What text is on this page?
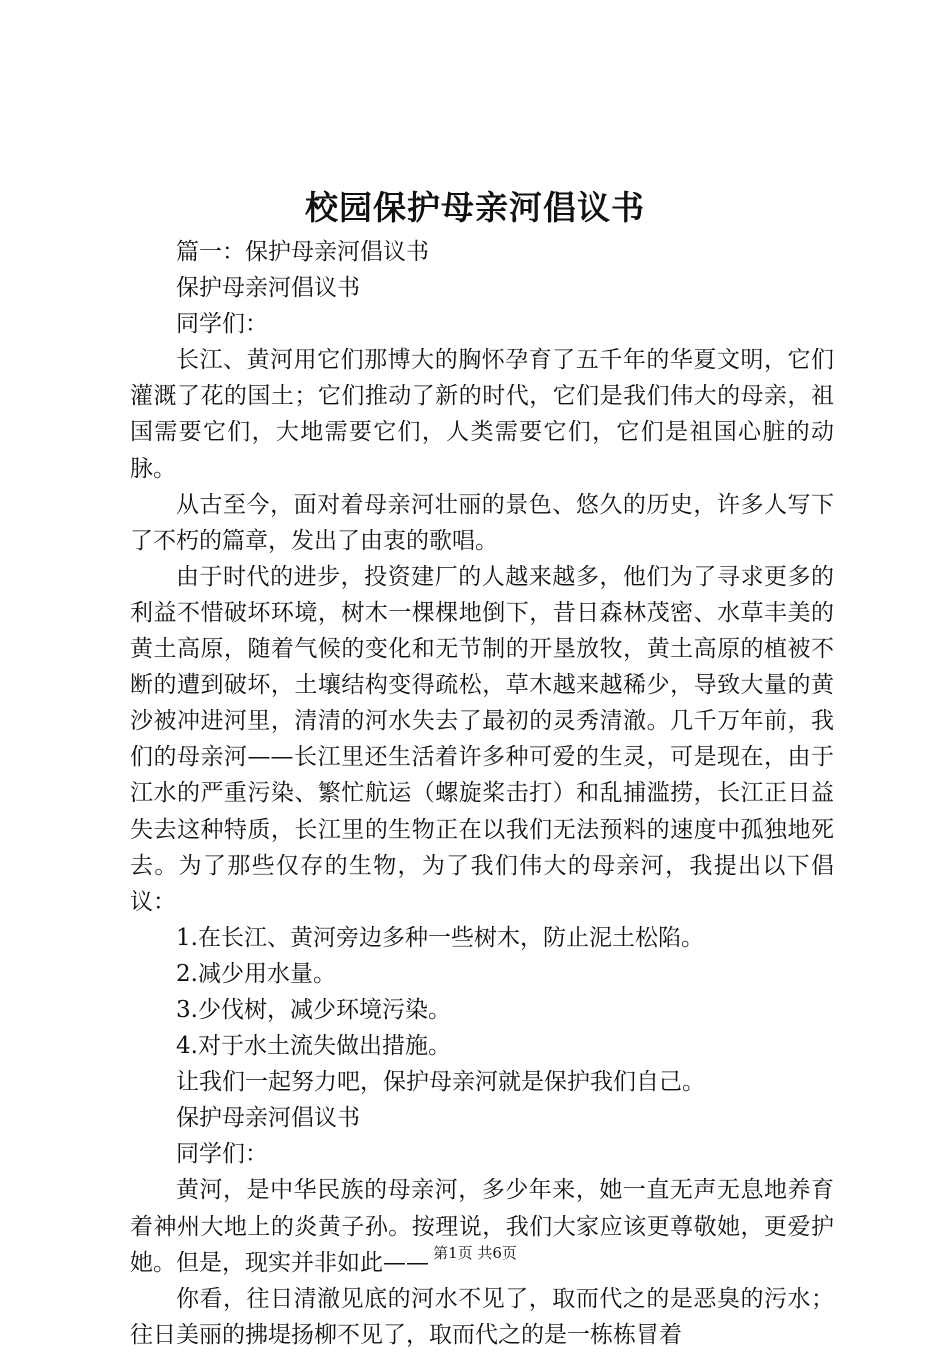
校园保护母亲河倡议书

篇一：保护母亲河倡议书

保护母亲河倡议书

同学们：

长江、黄河用它们那博大的胸怀孕育了五千年的华夏文明，它们灌溉了花的国土；它们推动了新的时代，它们是我们伟大的母亲，祖国需要它们，大地需要它们，人类需要它们，它们是祖国心脏的动脉。

从古至今，面对着母亲河壮丽的景色、悠久的历史，许多人写下了不朽的篇章，发出了由衷的歌唱。

由于时代的进步，投资建厂的人越来越多，他们为了寻求更多的利益不惜破坏环境，树木一棵棵地倒下，昔日森林茂密、水草丰美的黄土高原，随着气候的变化和无节制的开垦放牧，黄土高原的植被不断的遭到破坏，土壤结构变得疏松，草木越来越稀少，导致大量的黄沙被冲进河里，清清的河水失去了最初的灵秀清澈。几千万年前，我们的母亲河——长江里还生活着许多种可爱的生灵，可是现在，由于江水的严重污染、繁忙航运（螺旋桨击打）和乱捕滥捞，长江正日益失去这种特质，长江里的生物正在以我们无法预料的速度中孤独地死去。为了那些仅存的生物，为了我们伟大的母亲河，我提出以下倡议：

1.在长江、黄河旁边多种一些树木，防止泥土松陷。

2.减少用水量。

3.少伐树，减少环境污染。

4.对于水土流失做出措施。

让我们一起努力吧，保护母亲河就是保护我们自己。

保护母亲河倡议书

同学们：

黄河，是中华民族的母亲河，多少年来，她一直无声无息地养育着神州大地上的炎黄子孙。按理说，我们大家应该更尊敬她，更爱护她。但是，现实并非如此——

你看，往日清澈见底的河水不见了，取而代之的是恶臭的污水；往日美丽的拂堤扬柳不见了，取而代之的是一栋栋冒着

第1页 共6页
